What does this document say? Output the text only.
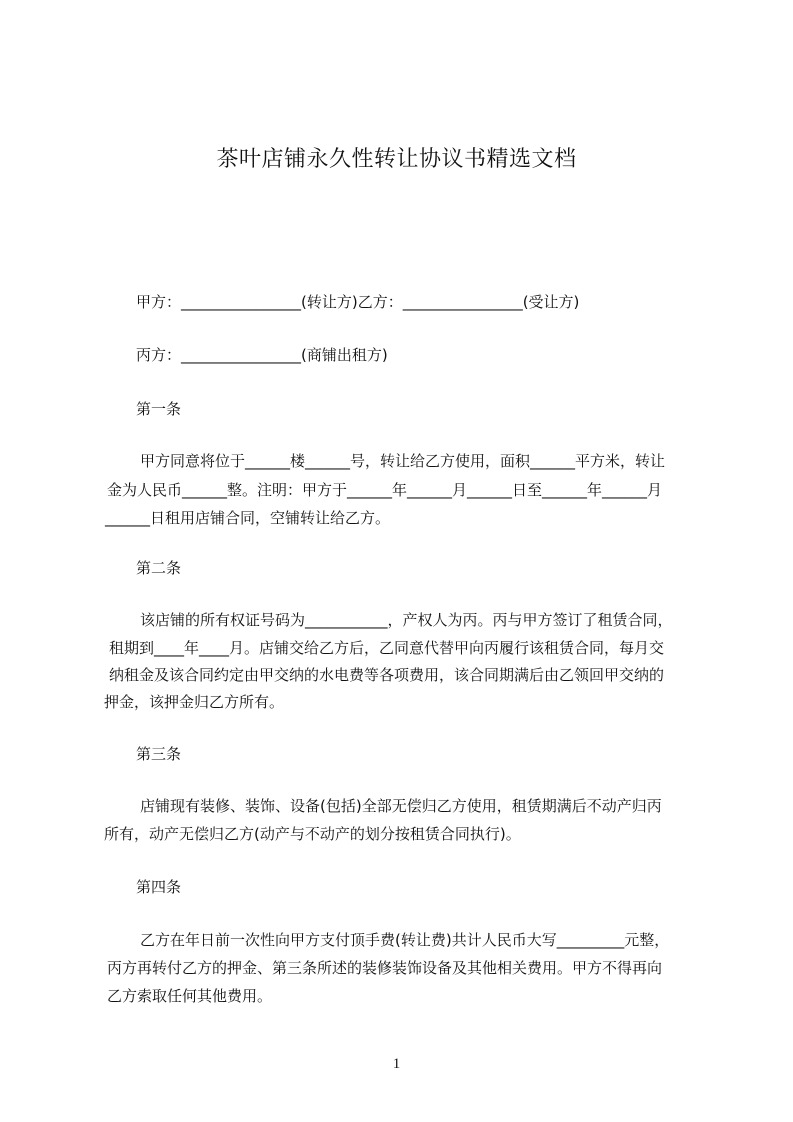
茶叶店铺永久性转让协议书精选文档
甲方：________________(转让方)乙方：________________(受让方)
丙方：________________(商铺出租方)
第一条
甲方同意将位于______楼______号，转让给乙方使用，面积______平方米，转让
金为人民币______整。注明：甲方于______年______月______日至______年______月
______日租用店铺合同，空铺转让给乙方。
第二条
该店铺的所有权证号码为___________，产权人为丙。丙与甲方签订了租赁合同，
租期到____年____月。店铺交给乙方后，乙同意代替甲向丙履行该租赁合同，每月交
纳租金及该合同约定由甲交纳的水电费等各项费用，该合同期满后由乙领回甲交纳的
押金，该押金归乙方所有。
第三条
店铺现有装修、装饰、设备(包括)全部无偿归乙方使用，租赁期满后不动产归丙
所有，动产无偿归乙方(动产与不动产的划分按租赁合同执行)。
第四条
乙方在年日前一次性向甲方支付顶手费(转让费)共计人民币大写_________元整，
丙方再转付乙方的押金、第三条所述的装修装饰设备及其他相关费用。甲方不得再向
乙方索取任何其他费用。
1
